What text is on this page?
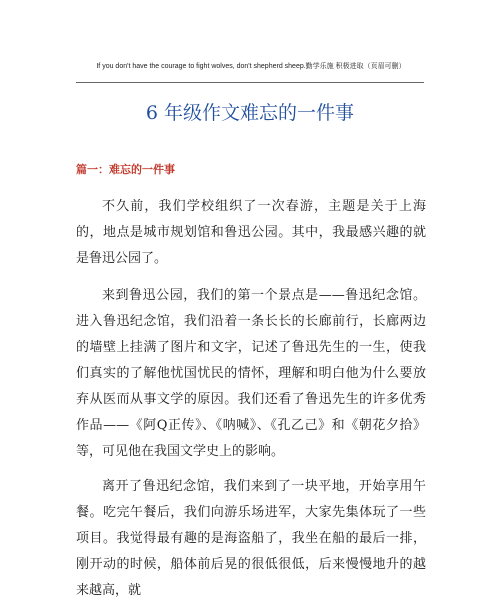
If you don't have the courage to fight wolves, don't shepherd sheep.勤学乐施 积极进取（页眉可删）
6 年级作文难忘的一件事
篇一：难忘的一件事
不久前，我们学校组织了一次春游，主题是关于上海的，地点是城市规划馆和鲁迅公园。其中，我最感兴趣的就是鲁迅公园了。
来到鲁迅公园，我们的第一个景点是——鲁迅纪念馆。进入鲁迅纪念馆，我们沿着一条长长的长廊前行，长廊两边的墙壁上挂满了图片和文字，记述了鲁迅先生的一生，使我们真实的了解他忧国忧民的情怀，理解和明白他为什么要放弃从医而从事文学的原因。我们还看了鲁迅先生的许多优秀作品——《阿Q正传》、《呐喊》、《孔乙己》和《朝花夕拾》等，可见他在我国文学史上的影响。
离开了鲁迅纪念馆，我们来到了一块平地，开始享用午餐。吃完午餐后，我们向游乐场进军，大家先集体玩了一些项目。我觉得最有趣的是海盗船了，我坐在船的最后一排，刚开动的时候，船体前后晃的很低很低，后来慢慢地升的越来越高，就
